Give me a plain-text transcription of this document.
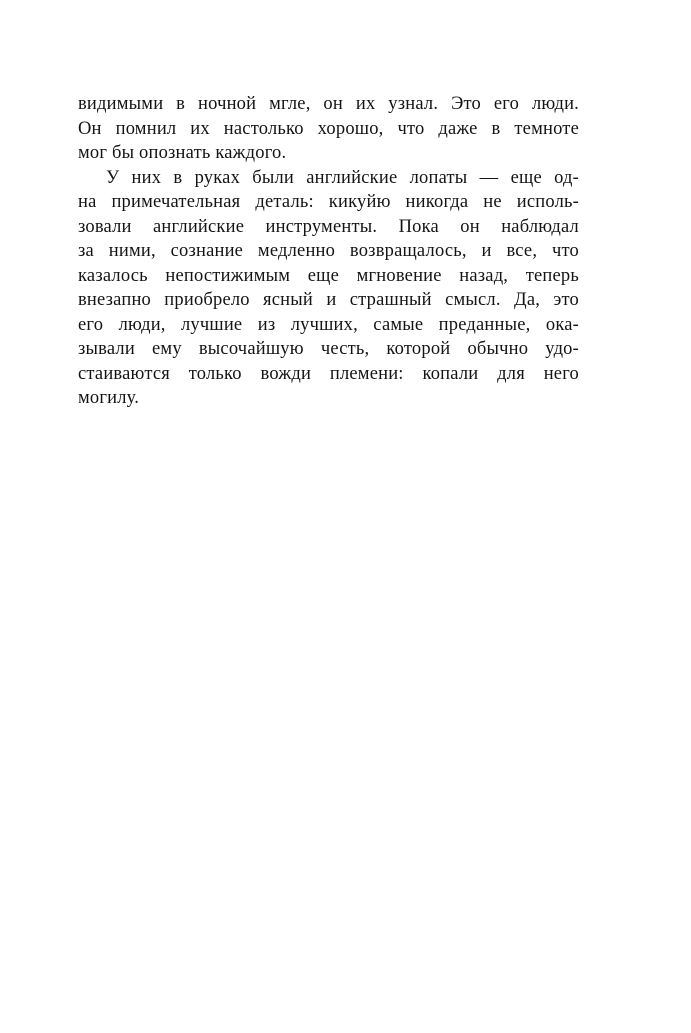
видимыми в ночной мгле, он их узнал. Это его люди.
Он помнил их настолько хорошо, что даже в темноте
мог бы опознать каждого.
У них в руках были английские лопаты — еще од-
на примечательная деталь: кикуйю никогда не исполь-
зовали английские инструменты. Пока он наблюдал
за ними, сознание медленно возвращалось, и все, что
казалось непостижимым еще мгновение назад, теперь
внезапно приобрело ясный и страшный смысл. Да, это
его люди, лучшие из лучших, самые преданные, ока-
зывали ему высочайшую честь, которой обычно удо-
стаиваются только вожди племени: копали для него
могилу.
